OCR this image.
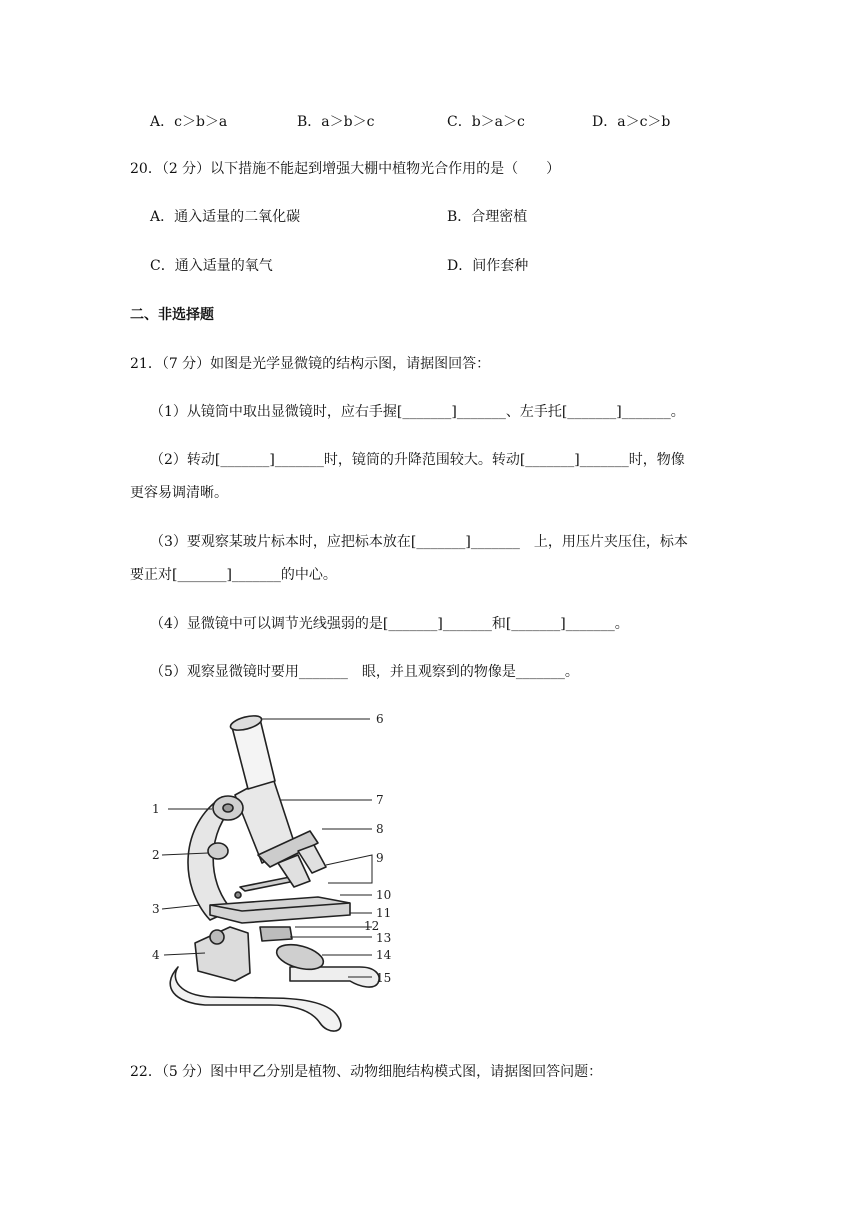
A．c＞b＞a	B．a＞b＞c	C．b＞a＞c	D．a＞c＞b
20．（2 分）以下措施不能起到增强大棚中植物光合作用的是（　　）
A．通入适量的二氧化碳	B．合理密植
C．通入适量的氧气	D．间作套种
二、非选择题
21．（7 分）如图是光学显微镜的结构示图，请据图回答：
（1）从镜筒中取出显微镜时，应右手握[_______]_______、左手托[_______]_______。
（2）转动[_______]_______时，镜筒的升降范围较大。转动[_______]_______时，物像
更容易调清晰。
（3）要观察某玻片标本时，应把标本放在[_______]_______　上，用压片夹压住，标本
要正对[_______]_______的中心。
（4）显微镜中可以调节光线强弱的是[_______]_______和[_______]_______。
（5）观察显微镜时要用_______　眼，并且观察到的物像是_______。
1
2
3
4
6
7
8
9
10
11
12
13
14
15
22．（5 分）图中甲乙分别是植物、动物细胞结构模式图，请据图回答问题：
